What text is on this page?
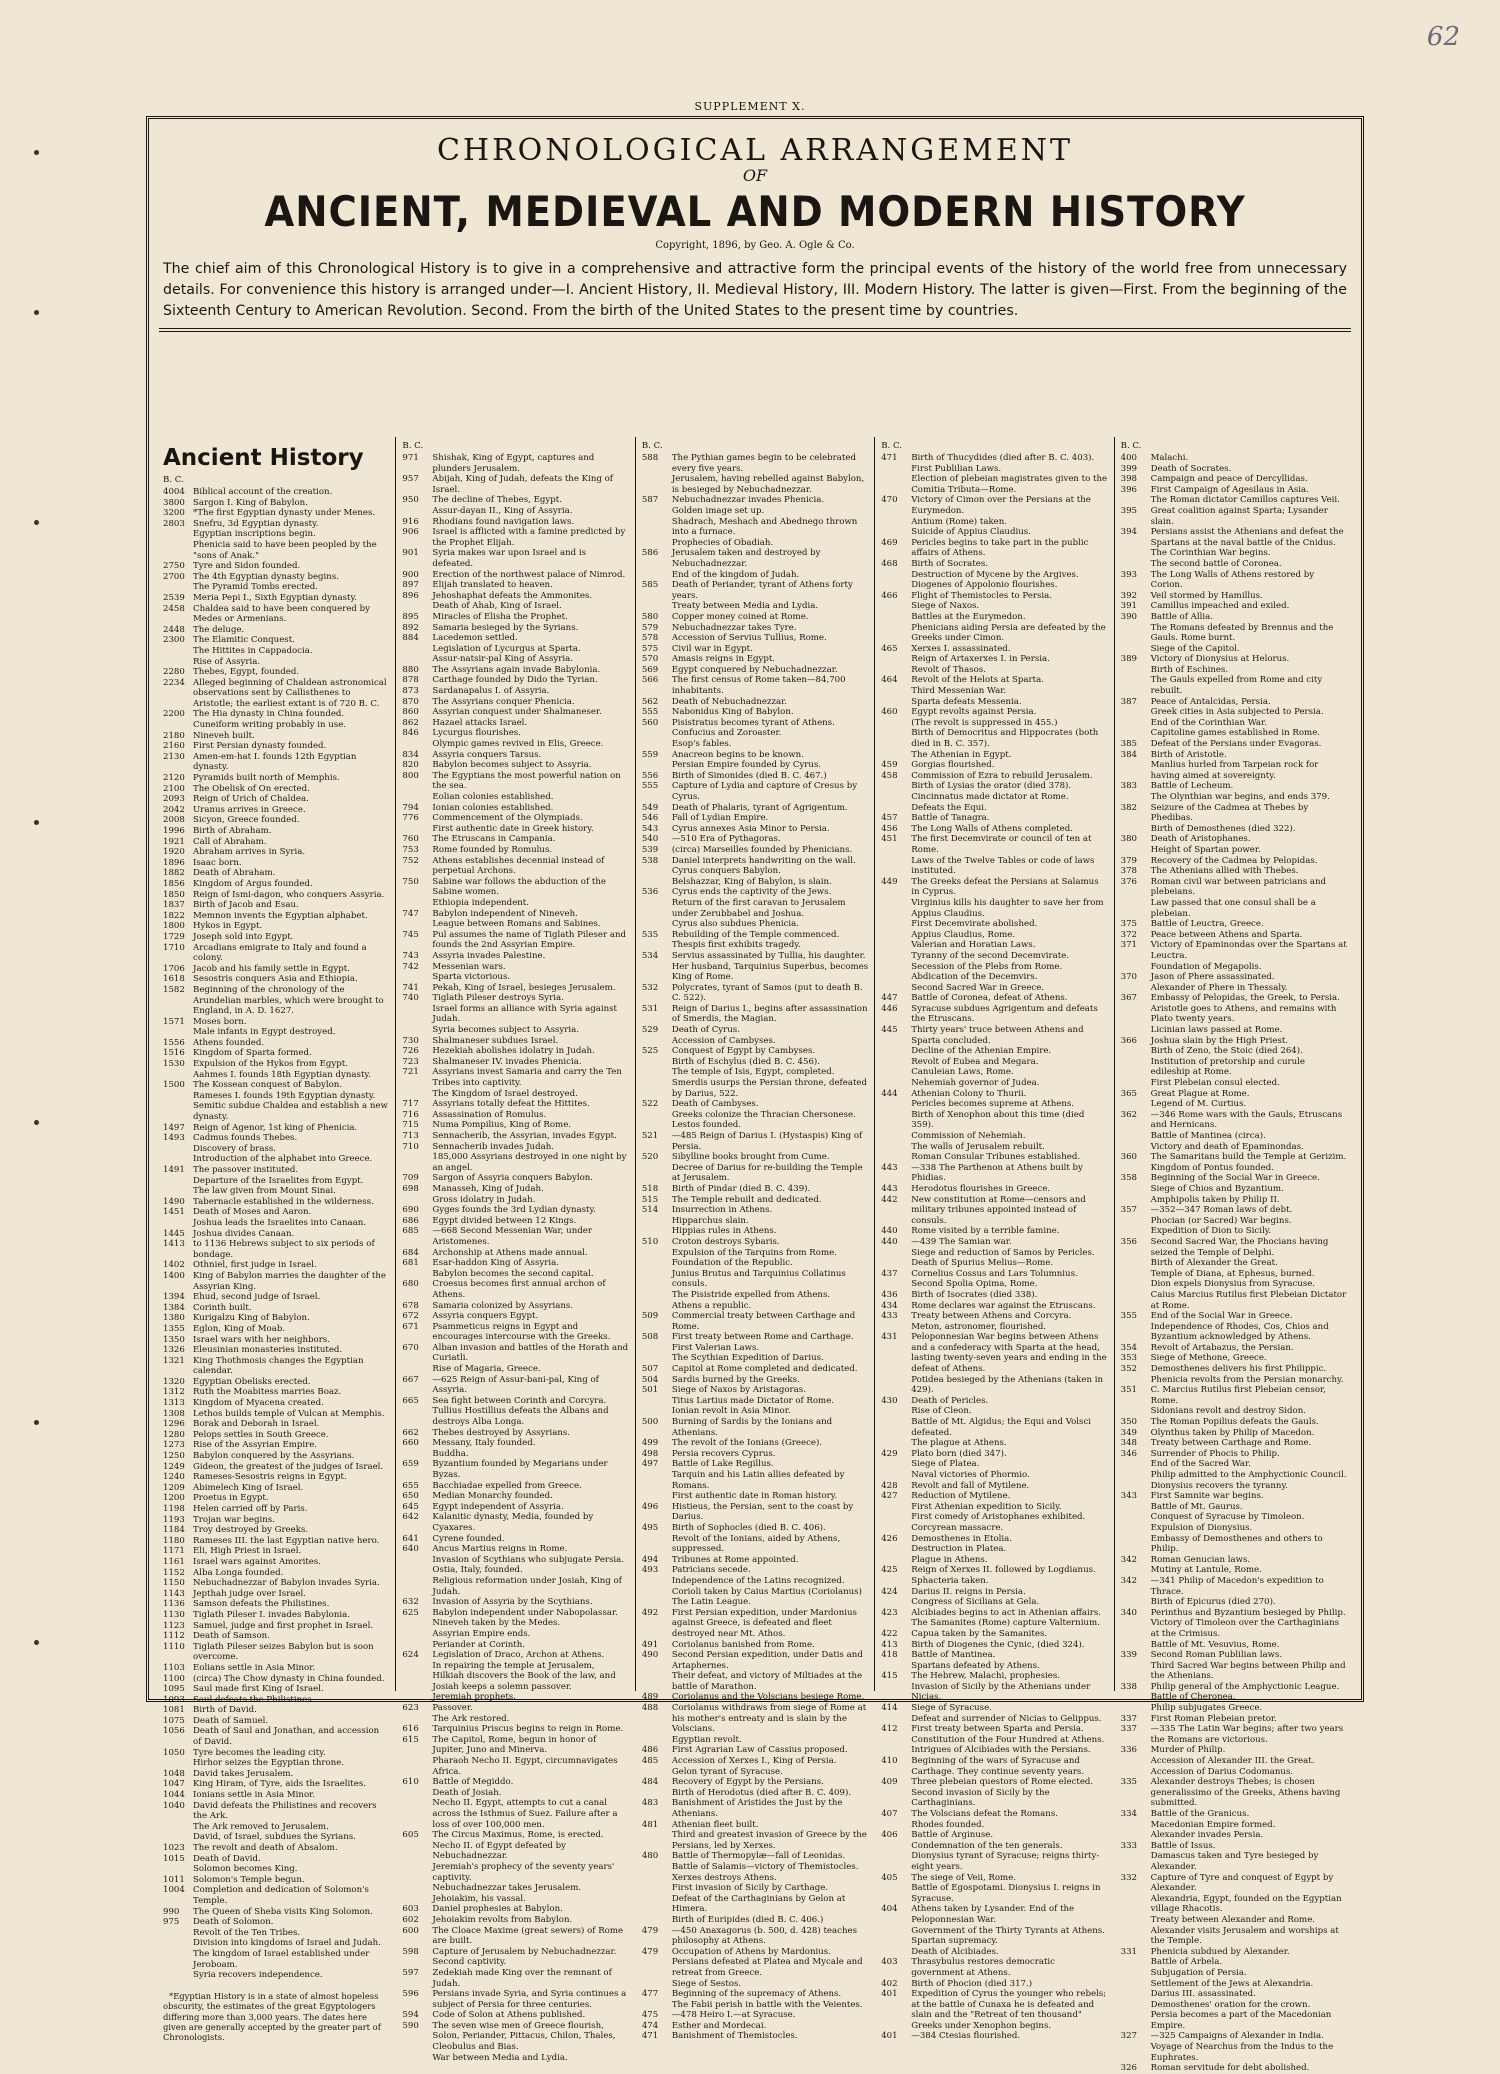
62
SUPPLEMENT X.
CHRONOLOGICAL ARRANGEMENT
OF
ANCIENT, MEDIEVAL AND MODERN HISTORY
Copyright, 1896, by Geo. A. Ogle & Co.

The chief aim of this Chronological History is to give in a comprehensive and attractive form the principal events of the history of the world free from unnecessary details. For convenience this history is arranged under—I. Ancient History, II. Medieval History, III. Modern History. The latter is given—First. From the beginning of the Sixteenth Century to American Revolution. Second. From the birth of the United States to the present time by countries.

Ancient History
B. C.
4004 Biblical account of the creation.
3800 Sargon I. King of Babylon.
3200 *The first Egyptian dynasty under Menes.
2803 Snefru, 3d Egyptian dynasty.
Egyptian inscriptions begin.
Phenicia said to have been peopled by the "sons of Anak."
2750 Tyre and Sidon founded.
2700 The 4th Egyptian dynasty begins.
The Pyramid Tombs erected.
2539 Meria Pepi I., Sixth Egyptian dynasty.
2458 Chaldea said to have been conquered by Medes or Armenians.
2448 The deluge.
2300 The Elamitic Conquest.
The Hittites in Cappadocia.
Rise of Assyria.
2280 Thebes, Egypt, founded.
2234 Alleged beginning of Chaldean astronomical observations sent by Callisthenes to Aristotle; the earliest extant is of 720 B. C.
2200 The Hia dynasty in China founded.
Cuneiform writing probably in use.
2180 Nineveh built.
2160 First Persian dynasty founded.
2130 Amen-em-hat I. founds 12th Egyptian dynasty.
2120 Pyramids built north of Memphis.
2100 The Obelisk of On erected.
2093 Reign of Urich of Chaldea.
2042 Uranus arrives in Greece.
2008 Sicyon, Greece founded.
1996 Birth of Abraham.
1921 Call of Abraham.
1920 Abraham arrives in Syria.
1896 Isaac born.
1882 Death of Abraham.
1856 Kingdom of Argus founded.
1850 Reign of Ismi-dagon, who conquers Assyria.
1837 Birth of Jacob and Esau.
1822 Memnon invents the Egyptian alphabet.
1800 Hykos in Egypt.
1729 Joseph sold into Egypt.
1710 Arcadians emigrate to Italy and found a colony.
1706 Jacob and his family settle in Egypt.
1618 Sesostris conquers Asia and Ethiopia.
1582 Beginning of the chronology of the Arundelian marbles, which were brought to England, in A. D. 1627.
1571 Moses born.
Male infants in Egypt destroyed.
1556 Athens founded.
1516 Kingdom of Sparta formed.
1530 Expulsion of the Hykos from Egypt.
Aahmes I. founds 18th Egyptian dynasty.
1500 The Kossean conquest of Babylon.
Rameses I. founds 19th Egyptian dynasty.
Semitic subdue Chaldea and establish a new dynasty.
1497 Reign of Agenor, 1st king of Phenicia.
1493 Cadmus founds Thebes.
Discovery of brass.
Introduction of the alphabet into Greece.
1491 The passover instituted.
Departure of the Israelites from Egypt.
The law given from Mount Sinai.
1490 Tabernacle established in the wilderness.
1451 Death of Moses and Aaron.
Joshua leads the Israelites into Canaan.
1445 Joshua divides Canaan.
1413 to 1136 Hebrews subject to six periods of bondage.
1402 Othniel, first judge in Israel.
1400 King of Babylon marries the daughter of the Assyrian King.
1394 Ehud, second judge of Israel.
1384 Corinth built.
1380 Kurigalzu King of Babylon.
1355 Eglon, King of Moab.
1350 Israel wars with her neighbors.
1326 Eleusinian monasteries instituted.
1321 King Thothmosis changes the Egyptian calendar.
1320 Egyptian Obelisks erected.
1312 Ruth the Moabitess marries Boaz.
1313 Kingdom of Myacena created.
1308 Lethos builds temple of Vulcan at Memphis.
1296 Borak and Deborah in Israel.
1280 Pelops settles in South Greece.
1273 Rise of the Assyrian Empire.
1250 Babylon conquered by the Assyrians.
1249 Gideon, the greatest of the judges of Israel.
1240 Rameses-Sesostris reigns in Egypt.
1209 Abimelech King of Israel.
1200 Proetus in Egypt.
1198 Helen carried off by Paris.
1193 Trojan war begins.
1184 Troy destroyed by Greeks.
1180 Rameses III. the last Egyptian native hero.
1171 Eli, High Priest in Israel.
1161 Israel wars against Amorites.
1152 Alba Longa founded.
1150 Nebuchadnezzar of Babylon invades Syria.
1143 Jepthah judge over Israel.
1136 Samson defeats the Philistines.
1130 Tiglath Pileser I. invades Babylonia.
1123 Samuel, judge and first prophet in Israel.
1112 Death of Samson.
1110 Tiglath Pileser seizes Babylon but is soon overcome.
1103 Eolians settle in Asia Minor.
1100 (circa) The Chow dynasty in China founded.
1095 Saul made first King of Israel.
1093 Saul defeats the Philistines.
1081 Birth of David.
1075 Death of Samuel.
1056 Death of Saul and Jonathan, and accession of David.
1050 Tyre becomes the leading city.
Hirhor seizes the Egyptian throne.
1048 David takes Jerusalem.
1047 King Hiram, of Tyre, aids the Israelites.
1044 Ionians settle in Asia Minor.
1040 David defeats the Philistines and recovers the Ark.
The Ark removed to Jerusalem.
David, of Israel, subdues the Syrians.
1023 The revolt and death of Absalom.
1015 Death of David.
Solomon becomes King.
1011 Solomon's Temple begun.
1004 Completion and dedication of Solomon's Temple.
990	The Queen of Sheba visits King Solomon.
975	Death of Solomon.
Revolt of the Ten Tribes.
Division into kingdoms of Israel and Judah.
The kingdom of Israel established under Jeroboam.
Syria recovers independence.
*Egyptian History is in a state of almost hopeless obscurity, the estimates of the great Egyptologers differing more than 3,000 years. The dates here given are generally accepted by the greater part of Chronologists.
B. C.
971	Shishak, King of Egypt, captures and plunders Jerusalem.
957	Abijah, King of Judah, defeats the King of Israel.
950	The decline of Thebes, Egypt.
Assur-dayan II., King of Assyria.
916	Rhodians found navigation laws.
906	Israel is afflicted with a famine predicted by the Prophet Elijah.
901	Syria makes war upon Israel and is defeated.
900	Erection of the northwest palace of Nimrod.
897	Elijah translated to heaven.
896	Jehoshaphat defeats the Ammonites.
Death of Ahab, King of Israel.
895	Miracles of Elisha the Prophet.
892	Samaria besieged by the Syrians.
884	Lacedemon settled.
Legislation of Lycurgus at Sparta.
Assur-natsir-pal King of Assyria.
880	The Assyrians again invade Babylonia.
878	Carthage founded by Dido the Tyrian.
873	Sardanapalus I. of Assyria.
870	The Assyrians conquer Phenicia.
860	Assyrian conquest under Shalmaneser.
862	Hazael attacks Israel.
846	Lycurgus flourishes.
Olympic games revived in Elis, Greece.
834	Assyria conquers Tarsus.
820	Babylon becomes subject to Assyria.
800	The Egyptians the most powerful nation on the sea.
Eolian colonies established.
794	Ionian colonies established.
776	Commencement of the Olympiads.
First authentic date in Greek history.
760	The Etruscans in Campania.
753	Rome founded by Romulus.
752	Athens establishes decennial instead of perpetual Archons.
750	Sabine war follows the abduction of the Sabine women.
Ethiopia independent.
747	Babylon independent of Nineveh.
League between Romans and Sabines.
745	Pul assumes the name of Tiglath Pileser and founds the 2nd Assyrian Empire.
743	Assyria invades Palestine.
742	Messenian wars.
Sparta victorious.
741	Pekah, King of Israel, besieges Jerusalem.
740	Tiglath Pileser destroys Syria.
Israel forms an alliance with Syria against Judah.
Syria becomes subject to Assyria.
730	Shalmaneser subdues Israel.
726	Hezekiah abolishes idolatry in Judah.
723	Shalmaneser IV. invades Phenicia.
721	Assyrians invest Samaria and carry the Ten Tribes into captivity.
The Kingdom of Israel destroyed.
717	Assyrians totally defeat the Hittites.
716	Assassination of Romulus.
715	Numa Pompilius, King of Rome.
713	Sennacherib, the Assyrian, invades Egypt.
710	Sennacherib invades Judah.
185,000 Assyrians destroyed in one night by an angel.
709	Sargon of Assyria conquers Babylon.
698	Manasseh, King of Judah.
Gross idolatry in Judah.
690	Gyges founds the 3rd Lydian dynasty.
686	Egypt divided between 12 Kings.
685	—668 Second Messenian War, under Aristomenes.
684	Archonship at Athens made annual.
681	Esar-haddon King of Assyria.
Babylon becomes the second capital.
680	Croesus becomes first annual archon of Athens.
678	Samaria colonized by Assyrians.
672	Assyria conquers Egypt.
671	Psammeticus reigns in Egypt and encourages intercourse with the Greeks.
670	Alban invasion and battles of the Horath and Curiatli.
Rise of Magaria, Greece.
667	—625 Reign of Assur-bani-pal, King of Assyria.
665	Sea fight between Corinth and Corcyra.
Tullius Hostillius defeats the Albans and destroys Alba Longa.
662	Thebes destroyed by Assyrians.
660	Messany, Italy founded.
Buddha.
659	Byzantium founded by Megarians under Byzas.
655	Bacchiadae expelled from Greece.
650	Median Monarchy founded.
645	Egypt independent of Assyria.
642	Kalanitic dynasty, Media, founded by Cyaxares.
641	Cyrene founded.
640	Ancus Martius reigns in Rome.
Invasion of Scythians who subjugate Persia.
Ostia, Italy, founded.
Religious reformation under Josiah, King of Judah.
632	Invasion of Assyria by the Scythians.
625	Babylon independent under Nabopolassar.
Nineveh taken by the Medes.
Assyrian Empire ends.
Periander at Corinth.
624	Legislation of Draco, Archon at Athens.
In repairing the temple at Jerusalem, Hilkiah discovers the Book of the law, and Josiah keeps a solemn passover.
Jeremiah prophets.
623	Passover.
The Ark restored.
616	Tarquinius Priscus begins to reign in Rome.
615	The Capitol, Rome, begun in honor of Jupiter, Juno and Minerva.
Pharaoh Necho II. Egypt, circumnavigates Africa.
610	Battle of Megiddo.
Death of Josiah.
Necho II. Egypt, attempts to cut a canal across the Isthmus of Suez. Failure after a loss of over 100,000 men.
605	The Circus Maximus, Rome, is erected.
Necho II. of Egypt defeated by Nebuchadnezzar.
Jeremiah's prophecy of the seventy years' captivity.
Nebuchadnezzar takes Jerusalem.
Jehoiakim, his vassal.
603	Daniel prophesies at Babylon.
602	Jehoiakim revolts from Babylon.
600	The Cloace Maxime (great sewers) of Rome are built.
598	Capture of Jerusalem by Nebuchadnezzar.
Second captivity.
597	Zedekiah made King over the remnant of Judah.
596	Persians invade Syria, and Syria continues a subject of Persia for three centuries.
594	Code of Solon at Athens published.
590	The seven wise men of Greece flourish, Solon, Periander, Pittacus, Chilon, Thales, Cleobulus and Bias.
War between Media and Lydia.
B. C.
588	The Pythian games begin to be celebrated every five years.
Jerusalem, having rebelled against Babylon, is besieged by Nebuchadnezzar.
587	Nebuchadnezzar invades Phenicia.
Golden image set up.
Shadrach, Meshach and Abednego thrown into a furnace.
Prophecies of Obadiah.
586	Jerusalem taken and destroyed by Nebuchadnezzar.
End of the kingdom of Judah.
585	Death of Periander, tyrant of Athens forty years.
Treaty between Media and Lydia.
580	Copper money coined at Rome.
579	Nebuchadnezzar takes Tyre.
578	Accession of Servius Tullius, Rome.
575	Civil war in Egypt.
570	Amasis reigns in Egypt.
569	Egypt conquered by Nebuchadnezzar.
566	The first census of Rome taken—84,700 inhabitants.
562	Death of Nebuchadnezzar.
555	Nabonidus King of Babylon.
560	Pisistratus becomes tyrant of Athens.
Confucius and Zoroaster.
Esop's fables.
559	Anacreon begins to be known.
Persian Empire founded by Cyrus.
556	Birth of Simonides (died B. C. 467.)
555	Capture of Lydia and capture of Cresus by Cyrus.
549	Death of Phalaris, tyrant of Agrigentum.
546	Fall of Lydian Empire.
543	Cyrus annexes Asia Minor to Persia.
540	—510 Era of Pythagoras.
539	(circa) Marseilles founded by Phenicians.
538	Daniel interprets handwriting on the wall.
Cyrus conquers Babylon.
Belshazzar, King of Babylon, is slain.
536	Cyrus ends the captivity of the Jews.
Return of the first caravan to Jerusalem under Zerubbabel and Joshua.
Cyrus also subdues Phenicia.
535	Rebuilding of the Temple commenced.
Thespis first exhibits tragedy.
534	Servius assassinated by Tullia, his daughter.
Her husband, Tarquinius Superbus, becomes King of Rome.
532	Polycrates, tyrant of Samos (put to death B. C. 522).
531	Reign of Darius I., begins after assassination of Smerdis, the Magian.
529	Death of Cyrus.
Accession of Cambyses.
525	Conquest of Egypt by Cambyses.
Birth of Eschylus (died B. C. 456).
The temple of Isis, Egypt, completed.
Smerdis usurps the Persian throne, defeated by Darius, 522.
522	Death of Cambyses.
Greeks colonize the Thracian Chersonese.
Lestos founded.
521	—485 Reign of Darius I. (Hystaspis) King of Persia.
520	Sibylline books brought from Cume.
Decree of Darius for re-building the Temple at Jerusalem.
518	Birth of Pindar (died B. C. 439).
515	The Temple rebuilt and dedicated.
514	Insurrection in Athens.
Hipparchus slain.
Hippias rules in Athens.
510	Croton destroys Sybaris.
Expulsion of the Tarquins from Rome.
Foundation of the Republic.
Junius Brutus and Tarquinius Collatinus consuls.
The Pisistride expelled from Athens.
Athens a republic.
509	Commercial treaty between Carthage and Rome.
508	First treaty between Rome and Carthage.
First Valerian Laws.
The Scythian Expedition of Darius.
507	Capitol at Rome completed and dedicated.
504	Sardis burned by the Greeks.
501	Siege of Naxos by Aristagoras.
Titus Lartius made Dictator of Rome.
Ionian revolt in Asia Minor.
500	Burning of Sardis by the Ionians and Athenians.
499	The revolt of the Ionians (Greece).
498	Persia recovers Cyprus.
497	Battle of Lake Regillus.
Tarquin and his Latin allies defeated by Romans.
First authentic date in Roman history.
496	Histieus, the Persian, sent to the coast by Darius.
495	Birth of Sophocles (died B. C. 406).
Revolt of the Ionians, aided by Athens, suppressed.
494	Tribunes at Rome appointed.
493	Patricians secede.
Independence of the Latins recognized.
Corioli taken by Caius Martius (Coriolanus) The Latin League.
492	First Persian expedition, under Mardonius against Greece, is defeated and fleet destroyed near Mt. Athos.
491	Coriolanus banished from Rome.
490	Second Persian expedition, under Datis and Artaphernes.
Their defeat, and victory of Miltiades at the battle of Marathon.
489	Coriolanus and the Volscians besiege Rome.
488	Coriolanus withdraws from siege of Rome at his mother's entreaty and is slain by the Volscians.
Egyptian revolt.
486	First Agrarian Law of Cassius proposed.
485	Accession of Xerxes I., King of Persia.
Gelon tyrant of Syracuse.
484	Recovery of Egypt by the Persians.
Birth of Herodotus (died after B. C. 409).
483	Banishment of Aristides the Just by the Athenians.
481	Athenian fleet built.
Third and greatest invasion of Greece by the Persians, led by Xerxes.
480	Battle of Thermopylæ—fall of Leonidas.
Battle of Salamis—victory of Themistocles.
Xerxes destroys Athens.
First invasion of Sicily by Carthage.
Defeat of the Carthaginians by Gelon at Himera.
Birth of Euripides (died B. C. 406.)
479	—450 Anaxagorus (b. 500, d. 428) teaches philosophy at Athens.
479	Occupation of Athens by Mardonius.
Persians defeated at Platea and Mycale and retreat from Greece.
Siege of Sestos.
477	Beginning of the supremacy of Athens.
The Fabii perish in battle with the Veientes.
475	—478 Heiro I.—at Syracuse.
474	Esther and Mordecai.
471	Banishment of Themistocles.
B. C.
471	Birth of Thucydides (died after B. C. 403).
First Publilian Laws.
Election of plebeian magistrates given to the Comitia Tributa—Rome.
470	Victory of Cimon over the Persians at the Eurymedon.
Antium (Rome) taken.
Suicide of Appius Claudius.
469	Pericles begins to take part in the public affairs of Athens.
468	Birth of Socrates.
Destruction of Mycene by the Argives.
Diogenes of Appolonio flourishes.
466	Flight of Themistocles to Persia.
Siege of Naxos.
Battles at the Eurymedon.
Phenicians aiding Persia are defeated by the Greeks under Cimon.
465	Xerxes I. assassinated.
Reign of Artaxerxes I. in Persia.
Revolt of Thasos.
464	Revolt of the Helots at Sparta.
Third Messenian War.
Sparta defeats Messenia.
460	Egypt revolts against Persia.
(The revolt is suppressed in 455.)
Birth of Democritus and Hippocrates (both died in B. C. 357).
The Athenian in Egypt.
459	Gorgias flourished.
458	Commission of Ezra to rebuild Jerusalem.
Birth of Lysias the orator (died 378).
Cincinnatus made dictator at Rome.
Defeats the Equi.
457	Battle of Tanagra.
456	The Long Walls of Athens completed.
451	The first Decemvirate or council of ten at Rome.
Laws of the Twelve Tables or code of laws instituted.
449	The Greeks defeat the Persians at Salamus in Cyprus.
Virginius kills his daughter to save her from Appius Claudius.
First Decemvirate abolished.
Appius Claudius, Rome.
Valerian and Horatian Laws.
Tyranny of the second Decemvirate.
Secession of the Plebs from Rome.
Abdication of the Decemvirs.
Second Sacred War in Greece.
447	Battle of Coronea, defeat of Athens.
446	Syracuse subdues Agrigentum and defeats the Etruscans.
445	Thirty years' truce between Athens and Sparta concluded.
Decline of the Athenian Empire.
Revolt of Eubea and Megara.
Canuleian Laws, Rome.
Nehemiah governor of Judea.
444	Athenian Colony to Thurii.
Pericles becomes supreme at Athens.
Birth of Xenophon about this time (died 359).
Commission of Nehemiah.
The walls of Jerusalem rebuilt.
Roman Consular Tribunes established.
443	—338 The Parthenon at Athens built by Phidias.
443	Herodotus flourishes in Greece.
442	New constitution at Rome—censors and military tribunes appointed instead of consuls.
440	Rome visited by a terrible famine.
440	—439 The Samian war.
Siege and reduction of Samos by Pericles.
Death of Spurius Melius—Rome.
437	Cornelius Cossus and Lars Tolumnius.
Second Spolia Opima, Rome.
436	Birth of Isocrates (died 338).
434	Rome declares war against the Etruscans.
433	Treaty between Athens and Corcyra.
Meton, astronomer, flourished.
431	Peloponnesian War begins between Athens and a confederacy with Sparta at the head, lasting twenty-seven years and ending in the defeat of Athens.
Potidea besieged by the Athenians (taken in 429).
430	Death of Pericles.
Rise of Cleon.
Battle of Mt. Algidus; the Equi and Volsci defeated.
The plague at Athens.
429	Plato born (died 347).
Siege of Platea.
Naval victories of Phormio.
428	Revolt and fall of Mytilene.
427	Reduction of Mytilene.
First Athenian expedition to Sicily.
First comedy of Aristophanes exhibited.
Corcyrean massacre.
426	Demosthenes in Etolia.
Destruction in Platea.
Plague in Athens.
425	Reign of Xerxes II. followed by Logdianus.
Sphacteria taken.
424	Darius II. reigns in Persia.
Congress of Sicilians at Gela.
423	Alcibiades begins to act in Athenian affairs.
The Samanites (Rome) capture Valternium.
422	Capua taken by the Samanites.
413	Birth of Diogenes the Cynic, (died 324).
418	Battle of Mantinea.
Spartans defeated by Athens.
415	The Hebrew, Malachi, prophesies.
Invasion of Sicily by the Athenians under Nicias.
414	Siege of Syracuse.
Defeat and surrender of Nicias to Gelippus.
412	First treaty between Sparta and Persia.
Constitution of the Four Hundred at Athens.
Intrigues of Alcibiades with the Persians.
410	Beginning of the wars of Syracuse and Carthage. They continue seventy years.
409	Three plebeian questors of Rome elected.
Second invasion of Sicily by the Carthaginians.
407	The Volscians defeat the Romans.
Rhodes founded.
406	Battle of Arginuse.
Condemnation of the ten generals.
Dionysius tyrant of Syracuse; reigns thirty-eight years.
405	The siege of Veii, Rome.
Battle of Egospotami. Dionysius I. reigns in Syracuse.
404	Athens taken by Lysander. End of the Peloponnesian War.
Government of the Thirty Tyrants at Athens.
Spartan supremacy.
Death of Alcibiades.
403	Thrasybulus restores democratic government at Athens.
402	Birth of Phocion (died 317.)
401	Expedition of Cyrus the younger who rebels; at the battle of Cunaxa he is defeated and slain and the "Retreat of ten thousand" Greeks under Xenophon begins.
401	—384 Ctesias flourished.
B. C.
400	Malachi.
399	Death of Socrates.
398	Campaign and peace of Dercyllidas.
396	First Campaign of Agesilaus in Asia.
The Roman dictator Camillos captures Veii.
395	Great coalition against Sparta; Lysander slain.
394	Persians assist the Athenians and defeat the Spartans at the naval battle of the Cnidus.
The Corinthian War begins.
The second battle of Coronea.
393	The Long Walls of Athens restored by Corion.
392	Veil stormed by Hamillus.
391	Camillus impeached and exiled.
390	Battle of Allia.
The Romans defeated by Brennus and the Gauls. Rome burnt.
Siege of the Capitol.
389	Victory of Dionysius at Helorus.
Birth of Eschines.
The Gauls expelled from Rome and city rebuilt.
387	Peace of Antalcidas, Persia.
Greek cities in Asia subjected to Persia.
End of the Corinthian War.
Capitoline games established in Rome.
385	Defeat of the Persians under Evagoras.
384	Birth of Aristotle.
Manlius hurled from Tarpeian rock for having aimed at sovereignty.
383	Battle of Lecheum.
The Olynthian war begins, and ends 379.
382	Seizure of the Cadmea at Thebes by Phedibas.
Birth of Demosthenes (died 322).
380	Death of Aristophanes.
Height of Spartan power.
379	Recovery of the Cadmea by Pelopidas.
378	The Athenians allied with Thebes.
376	Roman civil war between patricians and plebeians.
Law passed that one consul shall be a plebeian.
375	Battle of Leuctra, Greece.
372	Peace between Athens and Sparta.
371	Victory of Epaminondas over the Spartans at Leuctra.
Foundation of Megapolis.
370	Jason of Phere assassinated.
Alexander of Phere in Thessaly.
367	Embassy of Pelopidas, the Greek, to Persia.
Aristotle goes to Athens, and remains with Plato twenty years.
Licinian laws passed at Rome.
366	Joshua slain by the High Priest.
Birth of Zeno, the Stoic (died 264).
Institution of pretorship and curule edileship at Rome.
First Plebeian consul elected.
365	Great Plague at Rome.
Legend of M. Curtius.
362	—346 Rome wars with the Gauls, Etruscans and Hernicans.
Battle of Mantinea (circa).
Victory and death of Epaminondas.
360	The Samaritans build the Temple at Gerizim.
Kingdom of Pontus founded.
358	Beginning of the Social War in Greece.
Siege of Chios and Byzantium.
Amphipolis taken by Philip II.
357	—352—347 Roman laws of debt.
Phocian (or Sacred) War begins.
Expedition of Dion to Sicily.
356	Second Sacred War, the Phocians having seized the Temple of Delphi.
Birth of Alexander the Great.
Temple of Diana, at Ephesus, burned.
Dion expels Dionysius from Syracuse.
Caius Marcius Rutilus first Plebeian Dictator at Rome.
355	End of the Social War in Greece.
Independence of Rhodes, Cos, Chios and Byzantium acknowledged by Athens.
354	Revolt of Artabazus, the Persian.
353	Siege of Methone, Greece.
352	Demosthenes delivers his first Philippic.
Phenicia revolts from the Persian monarchy.
351	C. Marcius Rutilus first Plebeian censor, Rome.
Sidonians revolt and destroy Sidon.
350	The Roman Popilius defeats the Gauls.
349	Olynthus taken by Philip of Macedon.
348	Treaty between Carthage and Rome.
346	Surrender of Phocis to Philip.
End of the Sacred War.
Philip admitted to the Amphyctionic Council.
Dionysius recovers the tyranny.
343	First Samnite war begins.
Battle of Mt. Gaurus.
Conquest of Syracuse by Timoleon.
Expulsion of Dionysius.
Embassy of Demosthenes and others to Philip.
342	Roman Genucian laws.
Mutiny at Lantule, Rome.
342	—341 Philip of Macedon's expedition to Thrace.
Birth of Epicurus (died 270).
340	Perinthus and Byzantium besieged by Philip.
Victory of Timoleon over the Carthaginians at the Crimisus.
Battle of Mt. Vesuvius, Rome.
339	Second Roman Publilian laws.
Third Sacred War begins between Philip and the Athenians.
338	Philip general of the Amphyctionic League.
Battle of Cheronea.
Philip subjugates Greece.
337	First Roman Plebeian pretor.
337	—335 The Latin War begins; after two years the Romans are victorious.
336	Murder of Philip.
Accession of Alexander III. the Great.
Accession of Darius Codomanus.
335	Alexander destroys Thebes; is chosen generalissimo of the Greeks, Athens having submitted.
334	Battle of the Granicus.
Macedonian Empire formed.
Alexander invades Persia.
333	Battle of Issus.
Damascus taken and Tyre besieged by Alexander.
332	Capture of Tyre and conquest of Egypt by Alexander.
Alexandria, Egypt, founded on the Egyptian village Rhacotis.
Treaty between Alexander and Rome.
Alexander visits Jerusalem and worships at the Temple.
331	Phenicia subdued by Alexander.
Battle of Arbela.
Subjugation of Persia.
Settlement of the Jews at Alexandria.
Darius III. assassinated.
Demosthenes' oration for the crown.
Persia becomes a part of the Macedonian Empire.
327	—325 Campaigns of Alexander in India.
Voyage of Nearchus from the Indus to the Euphrates.
326	Roman servitude for debt abolished.
